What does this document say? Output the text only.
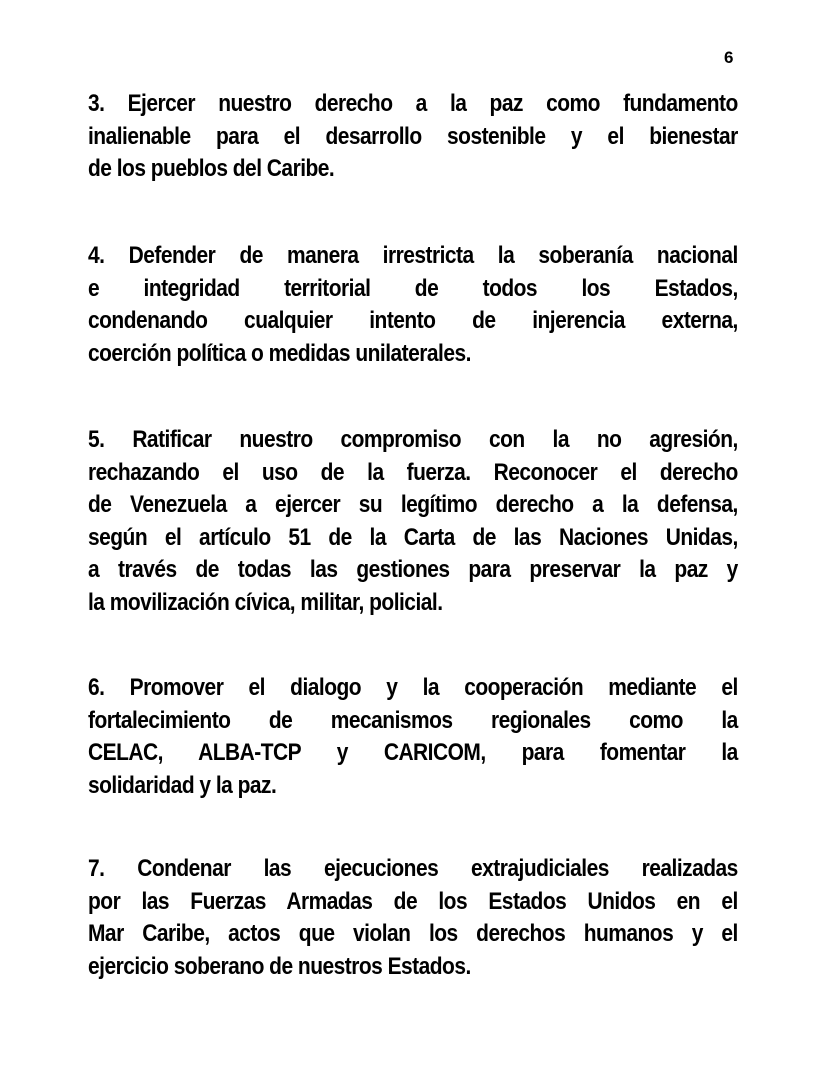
6
3. Ejercer nuestro derecho a la paz como fundamento
inalienable para el desarrollo sostenible y el bienestar
de los pueblos del Caribe.
4. Defender de manera irrestricta la soberanía nacional
e integridad territorial de todos los Estados,
condenando cualquier intento de injerencia externa,
coerción política o medidas unilaterales.
5. Ratificar nuestro compromiso con la no agresión,
rechazando el uso de la fuerza. Reconocer el derecho
de Venezuela a ejercer su legítimo derecho a la defensa,
según el artículo 51 de la Carta de las Naciones Unidas,
a través de todas las gestiones para preservar la paz y
la movilización cívica, militar, policial.
6. Promover el dialogo y la cooperación mediante el
fortalecimiento de mecanismos regionales como la
CELAC, ALBA-TCP y CARICOM, para fomentar la
solidaridad y la paz.
7. Condenar las ejecuciones extrajudiciales realizadas
por las Fuerzas Armadas de los Estados Unidos en el
Mar Caribe, actos que violan los derechos humanos y el
ejercicio soberano de nuestros Estados.
